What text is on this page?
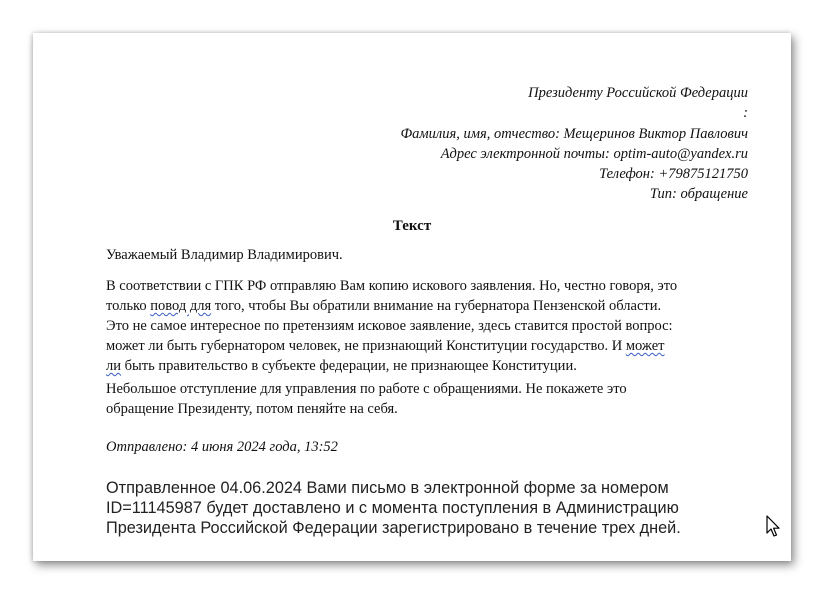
Президенту Российской Федерации
:
Фамилия, имя, отчество: Мещеринов Виктор Павлович
Адрес электронной почты: optim-auto@yandex.ru
Телефон: +79875121750
Тип: обращение
Текст
Уважаемый Владимир Владимирович.
В соответствии с ГПК РФ отправляю Вам копию искового заявления. Но, честно говоря, это
только повод для того, чтобы Вы обратили внимание на губернатора Пензенской области.
Это не самое интересное по претензиям исковое заявление, здесь ставится простой вопрос:
может ли быть губернатором человек, не признающий Конституции государство. И может
ли быть правительство в субъекте федерации, не признающее Конституции.
Небольшое отступление для управления по работе с обращениями. Не покажете это
обращение Президенту, потом пеняйте на себя.
Отправлено: 4 июня 2024 года, 13:52
Отправленное 04.06.2024 Вами письмо в электронной форме за номером
ID=11145987 будет доставлено и с момента поступления в Администрацию
Президента Российской Федерации зарегистрировано в течение трех дней.
